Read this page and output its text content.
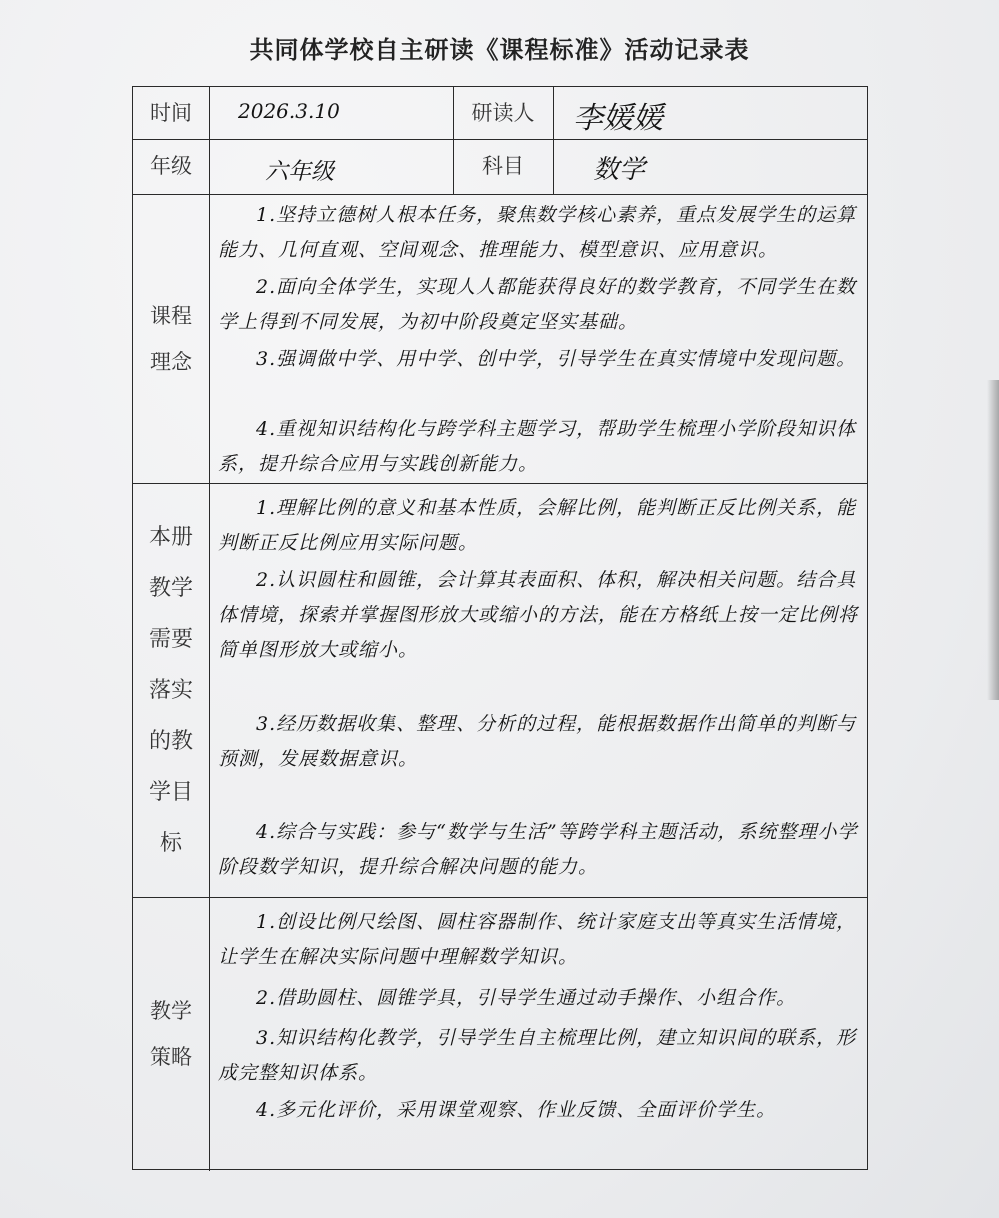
共同体学校自主研读《课程标准》活动记录表
时间	2026.3.10	研读人	李媛媛
年级	六年级	科目	数学
课程理念
1.坚持立德树人根本任务，聚焦数学核心素养，重点发展学生的运算能力、几何直观、空间观念、推理能力、模型意识、应用意识。
2.面向全体学生，实现人人都能获得良好的数学教育，不同学生在数学上得到不同发展，为初中阶段奠定坚实基础。
3.强调做中学、用中学、创中学，引导学生在真实情境中发现问题。
4.重视知识结构化与跨学科主题学习，帮助学生梳理小学阶段知识体系，提升综合应用与实践创新能力。
本册教学需要落实的教学目标
1.理解比例的意义和基本性质，会解比例，能判断正反比例关系，能判断正反比例应用实际问题。
2.认识圆柱和圆锥，会计算其表面积、体积，解决相关问题。结合具体情境，探索并掌握图形放大或缩小的方法，能在方格纸上按一定比例将简单图形放大或缩小。
3.经历数据收集、整理、分析的过程，能根据数据作出简单的判断与预测，发展数据意识。
4.综合与实践：参与“数学与生活”等跨学科主题活动，系统整理小学阶段数学知识，提升综合解决问题的能力。
教学策略
1.创设比例尺绘图、圆柱容器制作、统计家庭支出等真实生活情境，让学生在解决实际问题中理解数学知识。
2.借助圆柱、圆锥学具，引导学生通过动手操作、小组合作。
3.知识结构化教学，引导学生自主梳理比例，建立知识间的联系，形成完整知识体系。
4.多元化评价，采用课堂观察、作业反馈、全面评价学生。
